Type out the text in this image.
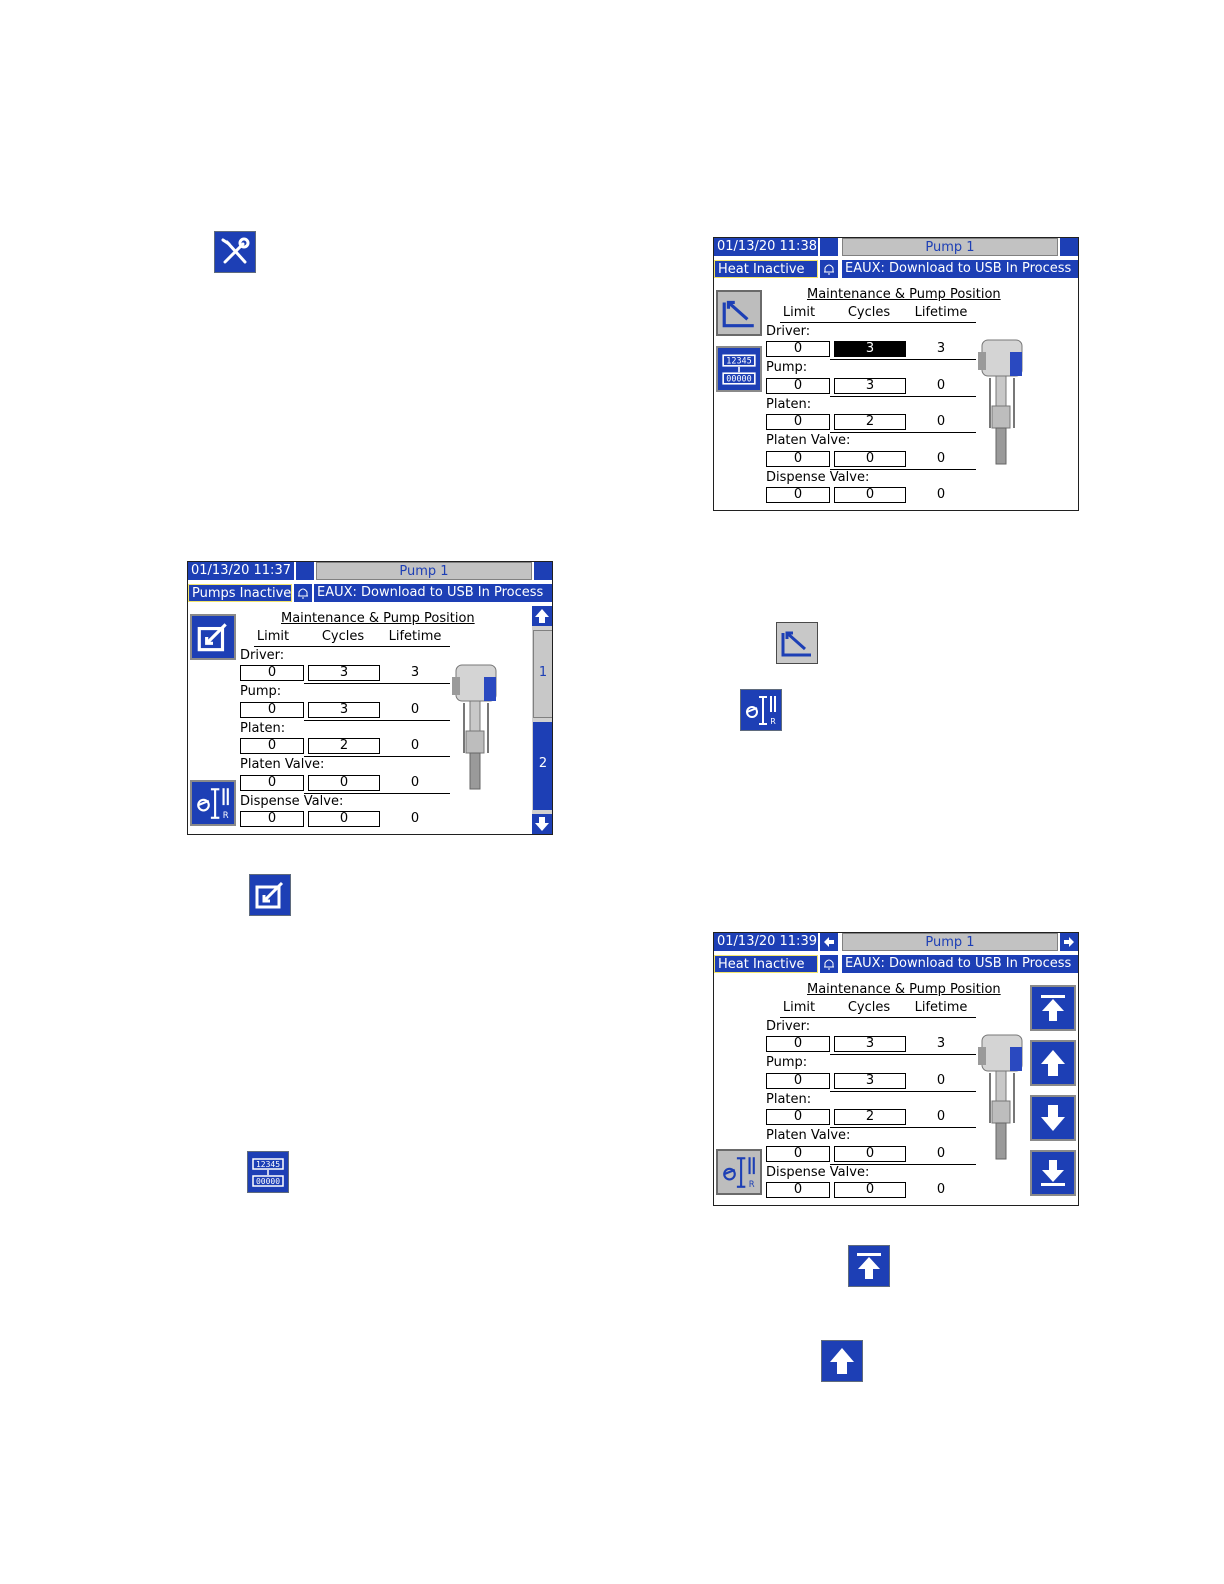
12345
00000
R
01/13/20 11:37	Pump 1
Pumps Inactive EAUX: Download to USB In Process
R
Maintenance & Pump Position
Limit	Cycles	Lifetime
Driver:
0	3	3
Pump:
0	3	0
Platen:
0	2	0
Platen Valve:
0	0	0
Dispense Valve:
0	0	0
1
2
01/13/20 11:38	Pump 1
Heat Inactive	EAUX: Download to USB In Process
12345
00000
Maintenance & Pump Position
Limit	Cycles	Lifetime
Driver:
0	3	3
Pump:
0	3	0
Platen:
0	2	0
Platen Valve:
0	0	0
Dispense Valve:
0	0	0
01/13/20 11:39	Pump 1
Heat Inactive	EAUX: Download to USB In Process
R
Maintenance & Pump Position
Limit	Cycles	Lifetime
Driver:
0	3	3
Pump:
0	3	0
Platen:
0	2	0
Platen Valve:
0	0	0
Dispense Valve:
0	0	0
